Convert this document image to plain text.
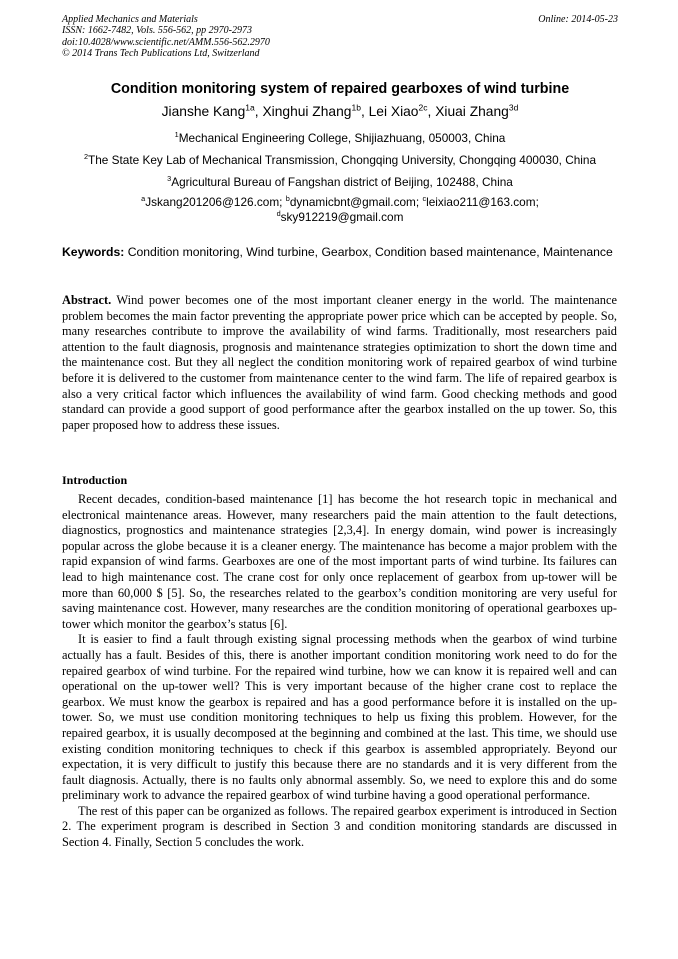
Applied Mechanics and Materials
ISSN: 1662-7482, Vols. 556-562, pp 2970-2973
doi:10.4028/www.scientific.net/AMM.556-562.2970
© 2014 Trans Tech Publications Ltd, Switzerland
Online: 2014-05-23
Condition monitoring system of repaired gearboxes of wind turbine
Jianshe Kang$^{1a}$, Xinghui Zhang$^{1b}$, Lei Xiao$^{2c}$, Xiuai Zhang$^{3d}$
$^1$Mechanical Engineering College, Shijiazhuang, 050003, China
$^2$The State Key Lab of Mechanical Transmission, Chongqing University, Chongqing 400030, China
$^3$Agricultural Bureau of Fangshan district of Beijing, 102488, China
$^a$Jskang201206@126.com; $^b$dynamicbnt@gmail.com; $^c$leixiao211@163.com;
$^d$sky912219@gmail.com
Keywords: Condition monitoring, Wind turbine, Gearbox, Condition based maintenance, Maintenance

Abstract. Wind power becomes one of the most important cleaner energy in the world. The maintenance problem becomes the main factor preventing the appropriate power price which can be accepted by people. So, many researches contribute to improve the availability of wind farms. Traditionally, most researchers paid attention to the fault diagnosis, prognosis and maintenance strategies optimization to short the down time and the maintenance cost. But they all neglect the condition monitoring work of repaired gearbox of wind turbine before it is delivered to the customer from maintenance center to the wind farm. The life of repaired gearbox is also a very critical factor which influences the availability of wind farm. Good checking methods and good standard can provide a good support of good performance after the gearbox installed on the up tower. So, this paper proposed how to address these issues.

Introduction

Recent decades, condition-based maintenance [1] has become the hot research topic in mechanical and electronical maintenance areas. However, many researchers paid the main attention to the fault detections, diagnostics, prognostics and maintenance strategies [2,3,4]. In energy domain, wind power is increasingly popular across the globe because it is a cleaner energy. The maintenance has become a major problem with the rapid expansion of wind farms. Gearboxes are one of the most important parts of wind turbine. Its failures can lead to high maintenance cost. The crane cost for only once replacement of gearbox from up-tower will be more than 60,000 $ [5]. So, the researches related to the gearbox’s condition monitoring are very useful for saving maintenance cost. However, many researches are the condition monitoring of operational gearboxes up-tower which monitor the gearbox’s status [6].

It is easier to find a fault through existing signal processing methods when the gearbox of wind turbine actually has a fault. Besides of this, there is another important condition monitoring work need to do for the repaired gearbox of wind turbine. For the repaired wind turbine, how we can know it is repaired well and can operational on the up-tower well? This is very important because of the higher crane cost to replace the gearbox. We must know the gearbox is repaired and has a good performance before it is installed on the up-tower. So, we must use condition monitoring techniques to help us fixing this problem. However, for the repaired gearbox, it is usually decomposed at the beginning and combined at the last. This time, we should use existing condition monitoring techniques to check if this gearbox is assembled appropriately. Beyond our expectation, it is very difficult to justify this because there are no standards and it is very different from the fault diagnosis. Actually, there is no faults only abnormal assembly. So, we need to explore this and do some preliminary work to advance the repaired gearbox of wind turbine having a good operational performance.

The rest of this paper can be organized as follows. The repaired gearbox experiment is introduced in Section 2. The experiment program is described in Section 3 and condition monitoring standards are discussed in Section 4. Finally, Section 5 concludes the work.
